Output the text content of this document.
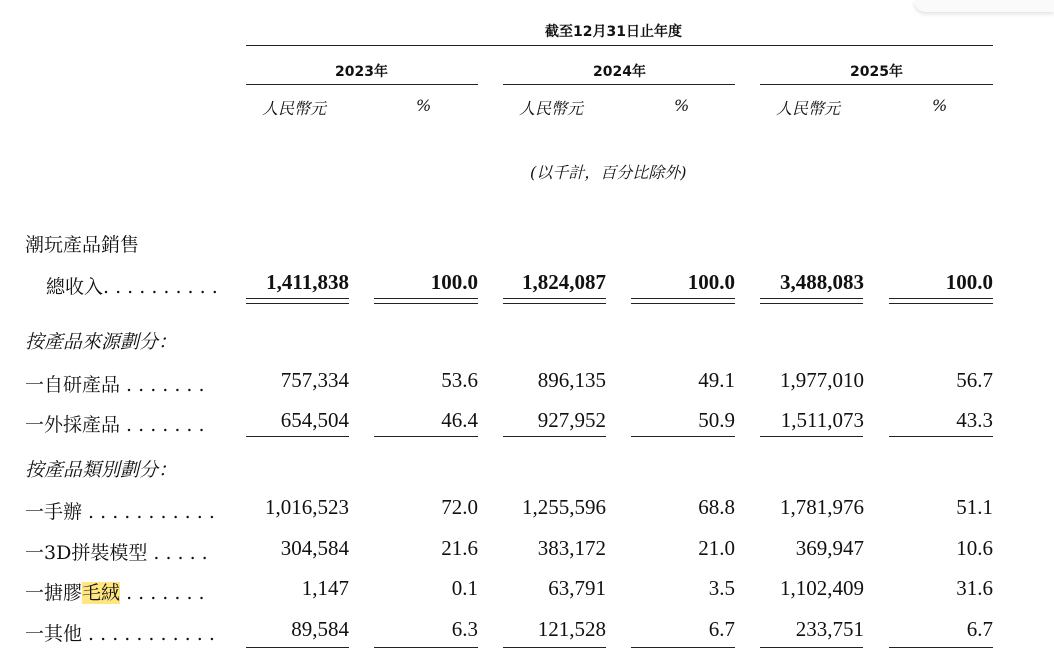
截至12月31日止年度
2023年	2024年	2025年
人民幣元	%	人民幣元	%	人民幣元	%
(以千計，百分比除外)
潮玩產品銷售
總收入. . . . . . . . . . 1,411,838	100.0 1,824,087	100.0 3,488,083	100.0
按產品來源劃分：
一自研產品 . . . . . . .	757,334	53.6	896,135	49.1 1,977,010	56.7
一外採產品 . . . . . . .	654,504	46.4	927,952	50.9 1,511,073	43.3
按產品類別劃分：
一手辦 . . . . . . . . . . . 1,016,523	72.0 1,255,596	68.8 1,781,976	51.1
一3D拼裝模型 . . . . .	304,584	21.6	383,172	21.0	369,947	10.6
一搪膠毛絨 . . . . . . .	1,147	0.1	63,791	3.5 1,102,409	31.6
一其他 . . . . . . . . . . .	89,584	6.3	121,528	6.7	233,751	6.7
